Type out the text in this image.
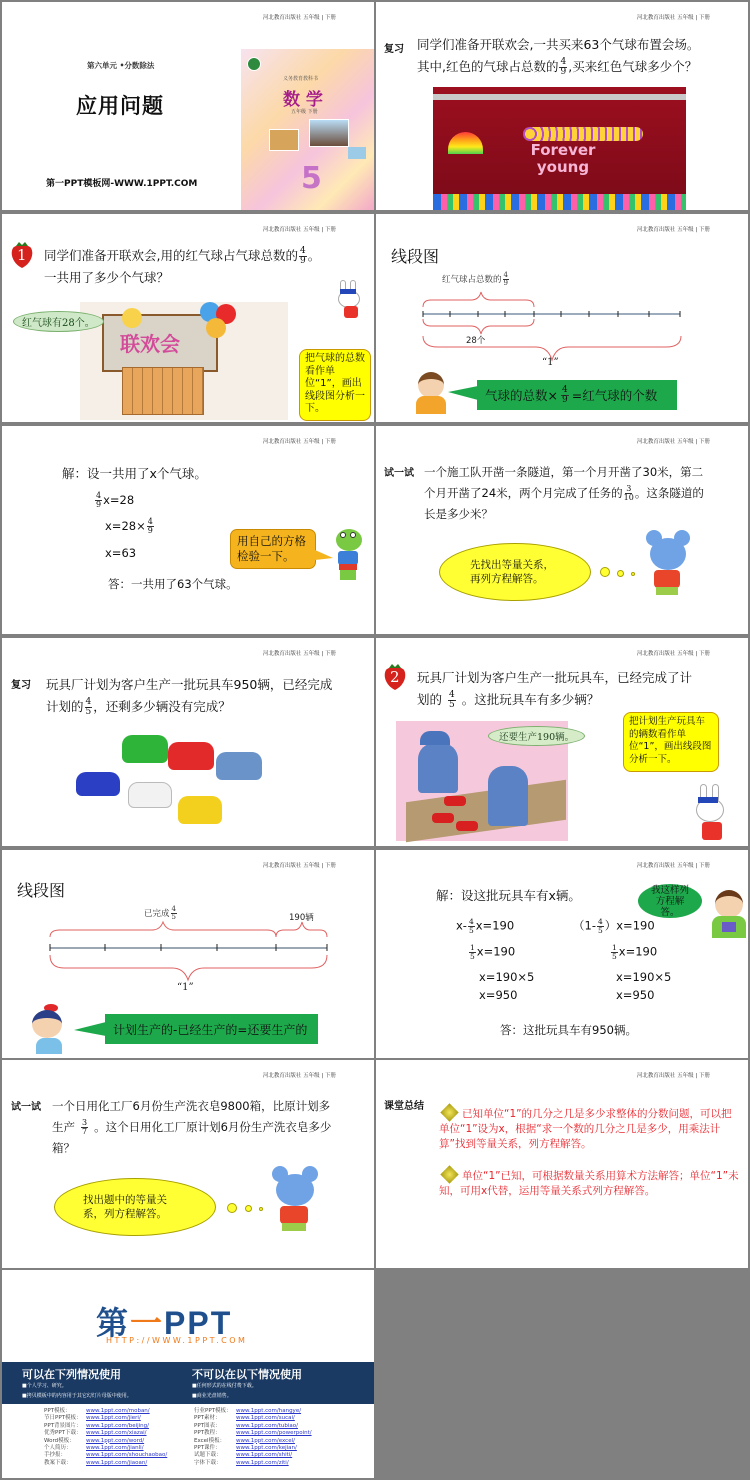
河北教育出版社 五年级 | 下册
第六单元 •分数除法
应用问题
第一PPT模板网-WWW.1PPT.COM
义务教育教科书
数 学
五年级 下册
5
河北教育出版社 五年级 | 下册
复习 同学们准备开联欢会,一共买来63个气球布置会场。
其中,红色的气球占总数的 $\frac{4}{9}$ ,买来红色气球多少个？
Forever young
河北教育出版社 五年级 | 下册
1 同学们准备开联欢会,用的红气球占气球总数的 $\frac{4}{9}$ 。
一共用了多少个气球？
联欢会
红气球有28个。
把气球的总数看作单位“1”，画出线段图分析一下。
河北教育出版社 五年级 | 下册
线段图
红气球占总数的 $\frac{4}{9}$
28个
“1”
气球的总数× $\frac{4}{9}$ =红气球的个数
河北教育出版社 五年级 | 下册
解：设一共用了x个气球。
$\frac{4}{9} x=28$
$x=28\times \frac{4}{9}$
x=63
答：一共用了63个气球。
用自己的方格检验一下。
河北教育出版社 五年级 | 下册
试一试 一个施工队开凿一条隧道，第一个月开凿了30米，第二
个月开凿了24米，两个月完成了任务的 $\frac{3}{10}$ 。这条隧道的
长是多少米？
先找出等量关系，再列方程解答。
河北教育出版社 五年级 | 下册
复习 玩具厂计划为客户生产一批玩具车950辆，已经完成
计划的 $\frac{4}{5}$ ，还剩多少辆没有完成？
河北教育出版社 五年级 | 下册
2 玩具厂计划为客户生产一批玩具车，已经完成了计
划的 $\frac{4}{5}$ 。这批玩具车有多少辆？
还要生产190辆。
把计划生产玩具车的辆数看作单位“1”，画出线段图分析一下。
河北教育出版社 五年级 | 下册
线段图
已完成 $\frac{4}{5}$	190辆
“1”
计划生产的-已经生产的=还要生产的
河北教育出版社 五年级 | 下册
解：设这批玩具车有x辆。
$x- \frac{4}{5} x=190$
$\frac{1}{5} x=190$
x=190×5
x=950
$(1- \frac{4}{5} )x=190$
$\frac{1}{5} x=190$
x=190×5
x=950
答：这批玩具车有950辆。
我这样列方程解答。
河北教育出版社 五年级 | 下册
试一试 一个日用化工厂6月份生产洗衣皂9800箱，比原计划多
生产 $\frac{3}{7}$ 。这个日用化工厂原计划6月份生产洗衣皂多少
箱？
找出题中的等量关系，列方程解答。
河北教育出版社 五年级 | 下册
课堂总结
已知单位“1”的几分之几是多少求整体的分数问题，可以把单位“1”设为x，根据“求一个数的几分之几是多少，用乘法计算”找到等量关系，列方程解答。
单位“1”已知，可根据数量关系用算术方法解答；单位“1”未知，可用x代替，运用等量关系式列方程解答。
第一PPT
HTTP://WWW.1PPT.COM
可以在下列情况使用
■个人学习、研究。
■拷贝模板中的内容用于其它幻灯片母版中使用。
不可以在以下情况使用
■任何形式的在线付费下载。
■商业光盘销售。
PPT模板：	www.1ppt.com/moban/
节日PPT模板： www.1ppt.com/jieri/
PPT背景图片： www.1ppt.com/beijing/
优秀PPT下载： www.1ppt.com/xiazai/
Word模板： www.1ppt.com/word/
个人简历：	www.1ppt.com/jianli/
手抄报：	www.1ppt.com/shouchaobao/
教案下载：	www.1ppt.com/jiaoan/
行业PPT模板： www.1ppt.com/hangye/
PPT素材：	www.1ppt.com/sucai/
PPT图表：	www.1ppt.com/tubiao/
PPT教程：	www.1ppt.com/powerpoint/
Excel模板： www.1ppt.com/excel/
PPT课件：	www.1ppt.com/kejian/
试题下载：	www.1ppt.com/shiti/
字体下载：	www.1ppt.com/ziti/
